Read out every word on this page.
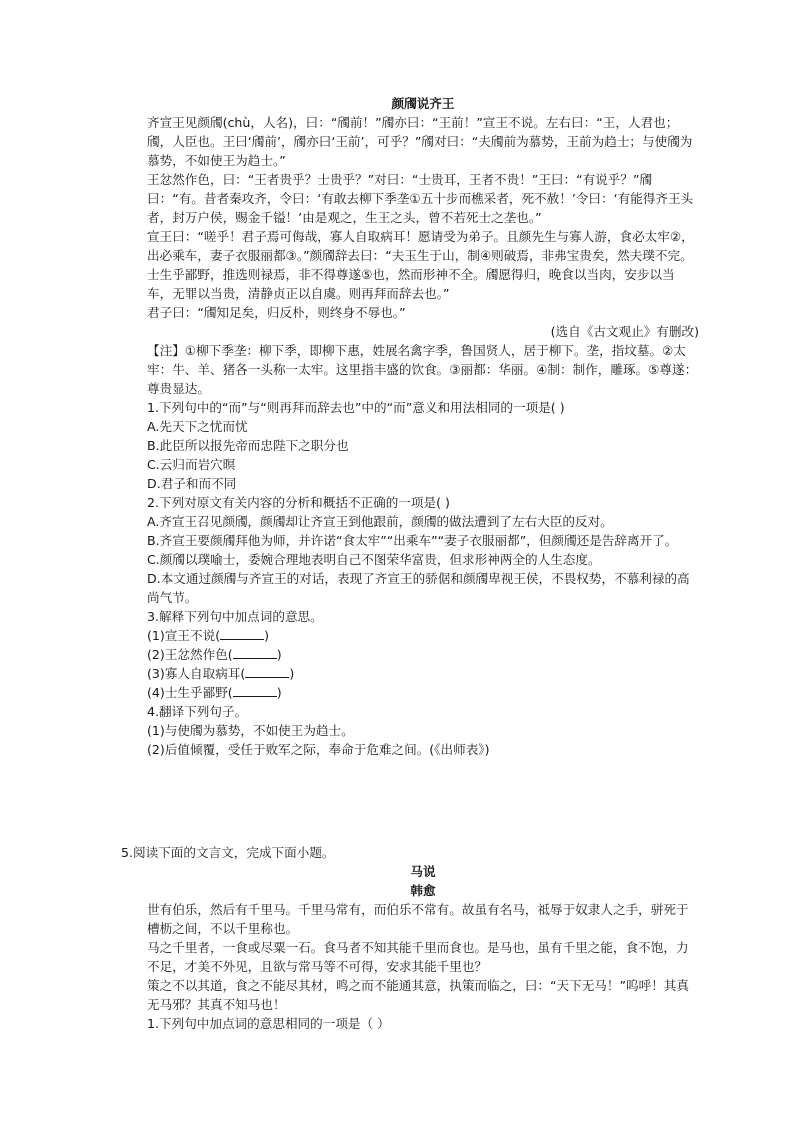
颜斶说齐王

齐宣王见颜斶(chù，人名)，曰：“斶前！”斶亦曰：“王前！”宣王不说。左右曰：“王，人君也；斶，人臣也。王曰‘斶前’，斶亦曰‘王前’，可乎？”斶对曰：“夫斶前为慕势，王前为趋士；与使斶为慕势，不如使王为趋士。”

王忿然作色，曰：“王者贵乎？士贵乎？”对曰：“士贵耳，王者不贵！”王曰：“有说乎？”斶曰：“有。昔者秦攻齐，令曰：‘有敢去柳下季垄①五十步而樵采者，死不赦！’令曰：‘有能得齐王头者，封万户侯，赐金千镒！’由是观之，生王之头，曾不若死士之垄也。”

宣王曰：“嗟乎！君子焉可侮哉，寡人自取病耳！愿请受为弟子。且颜先生与寡人游，食必太牢②，出必乘车，妻子衣服丽都③。”颜斶辞去曰：“夫玉生于山，制④则破焉，非弗宝贵矣，然夫璞不完。士生乎鄙野，推选则禄焉，非不得尊遂⑤也，然而形神不全。斶愿得归，晚食以当肉，安步以当车，无罪以当贵，清静贞正以自虞。则再拜而辞去也。”

君子曰：“斶知足矣，归反朴，则终身不辱也。”

(选自《古文观止》有删改)

【注】①柳下季垄：柳下季，即柳下惠，姓展名禽字季，鲁国贤人，居于柳下。垄，指坟墓。②太牢：牛、羊、猪各一头称一太牢。这里指丰盛的饮食。③丽都：华丽。④制：制作，雕琢。⑤尊遂：尊贵显达。

1.下列句中的“而”与“则再拜而辞去也”中的“而”意义和用法相同的一项是( )

A.先天下之忧而忧

B.此臣所以报先帝而忠陛下之职分也

C.云归而岩穴暝

D.君子和而不同

2.下列对原文有关内容的分析和概括不正确的一项是( )

A.齐宣王召见颜斶，颜斶却让齐宣王到他跟前，颜斶的做法遭到了左右大臣的反对。

B.齐宣王要颜斶拜他为师，并许诺“食太牢”“出乘车”“妻子衣服丽都”，但颜斶还是告辞离开了。

C.颜斶以璞喻士，委婉合理地表明自己不图荣华富贵，但求形神两全的人生态度。

D.本文通过颜斶与齐宣王的对话，表现了齐宣王的骄倨和颜斶卑视王侯，不畏权势，不慕利禄的高尚气节。

3.解释下列句中加点词的意思。

(1)宣王不说(	)

(2)王忿然作色(	)

(3)寡人自取病耳(	)

(4)士生乎鄙野(	)

4.翻译下列句子。

(1)与使斶为慕势，不如使王为趋士。

(2)后值倾覆，受任于败军之际，奉命于危难之间。(《出师表》)

5.阅读下面的文言文，完成下面小题。
马说
韩愈

世有伯乐，然后有千里马。千里马常有，而伯乐不常有。故虽有名马，祗辱于奴隶人之手，骈死于槽枥之间，不以千里称也。

马之千里者，一食或尽粟一石。食马者不知其能千里而食也。是马也，虽有千里之能，食不饱，力不足，才美不外见，且欲与常马等不可得，安求其能千里也？

策之不以其道，食之不能尽其材，鸣之而不能通其意，执策而临之，曰：“天下无马！”呜呼！其真无马邪？其真不知马也！

1.下列句中加点词的意思相同的一项是（ ）
